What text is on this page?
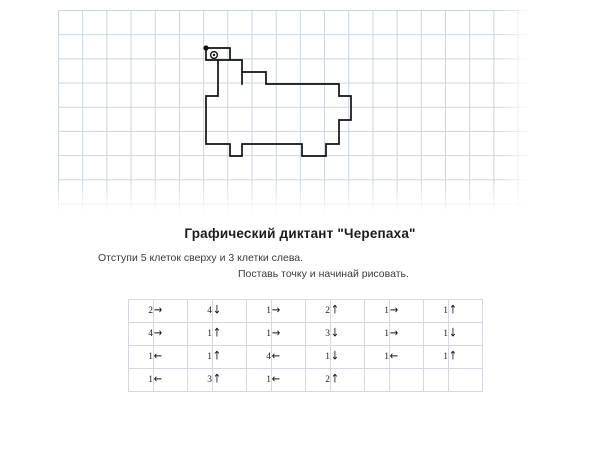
Графический диктант "Черепаха"
Отступи 5 клеток сверху и 3 клетки слева.
Поставь точку и начинай рисовать.
2	→	4	↓	1	→	2	↑	1	→	1	↑
4	→	1	↑	1	→	3	↓	1	→	1	↓
1	←	1	↑	4	←	1	↓	1	←	1	↑
1	←	3	↑	1	←	2	↑				
